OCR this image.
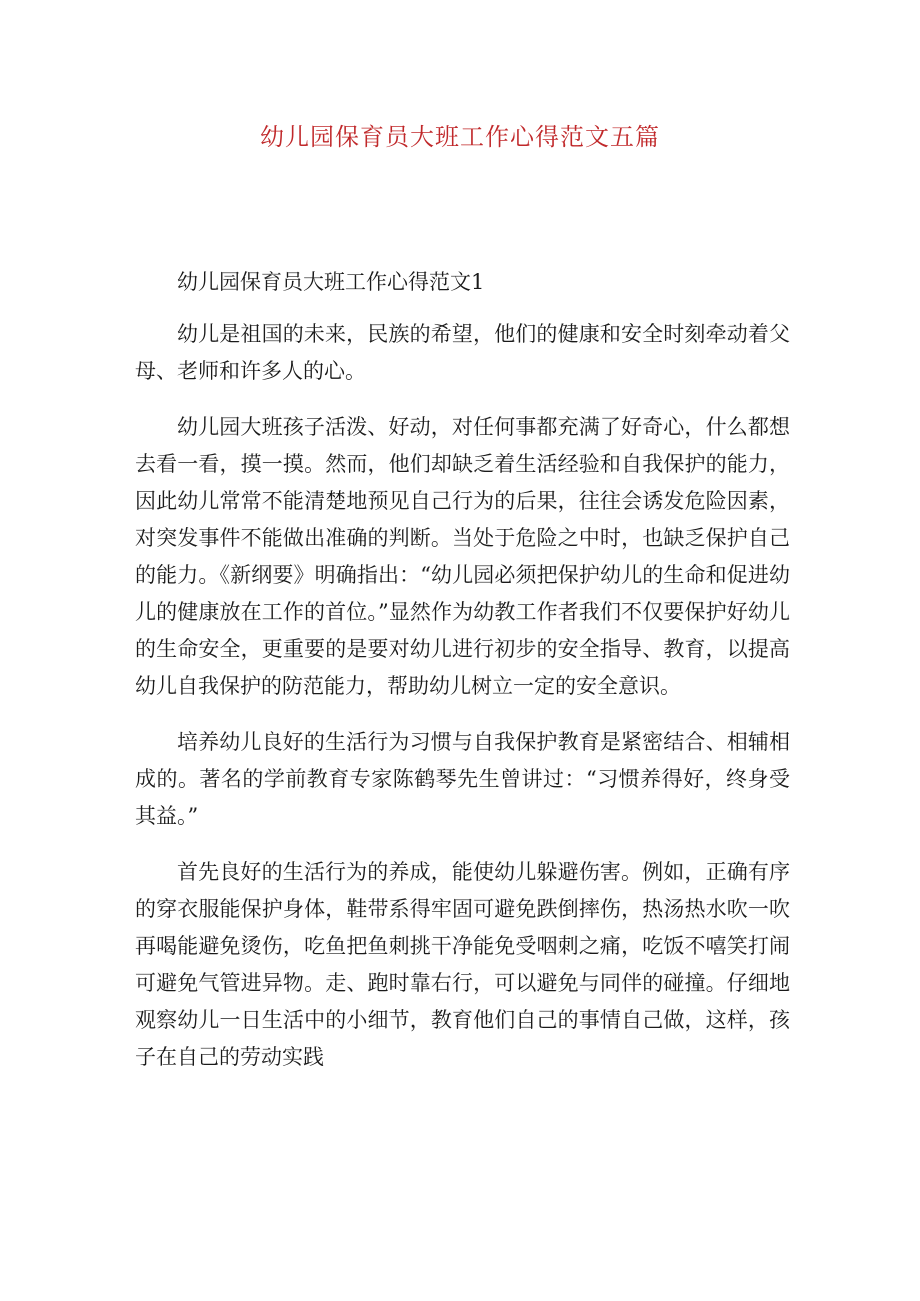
幼儿园保育员大班工作心得范文五篇

幼儿园保育员大班工作心得范文1

幼儿是祖国的未来，民族的希望，他们的健康和安全时刻牵动着父母、老师和许多人的心。

幼儿园大班孩子活泼、好动，对任何事都充满了好奇心，什么都想去看一看，摸一摸。然而，他们却缺乏着生活经验和自我保护的能力，因此幼儿常常不能清楚地预见自己行为的后果，往往会诱发危险因素，对突发事件不能做出准确的判断。当处于危险之中时，也缺乏保护自己的能力。《新纲要》明确指出：“幼儿园必须把保护幼儿的生命和促进幼儿的健康放在工作的首位。”显然作为幼教工作者我们不仅要保护好幼儿的生命安全，更重要的是要对幼儿进行初步的安全指导、教育，以提高幼儿自我保护的防范能力，帮助幼儿树立一定的安全意识。

培养幼儿良好的生活行为习惯与自我保护教育是紧密结合、相辅相成的。著名的学前教育专家陈鹤琴先生曾讲过：“习惯养得好，终身受其益。”

首先良好的生活行为的养成，能使幼儿躲避伤害。例如，正确有序的穿衣服能保护身体，鞋带系得牢固可避免跌倒摔伤，热汤热水吹一吹再喝能避免烫伤，吃鱼把鱼刺挑干净能免受咽刺之痛，吃饭不嘻笑打闹可避免气管进异物。走、跑时靠右行，可以避免与同伴的碰撞。仔细地观察幼儿一日生活中的小细节，教育他们自己的事情自己做，这样，孩子在自己的劳动实践
